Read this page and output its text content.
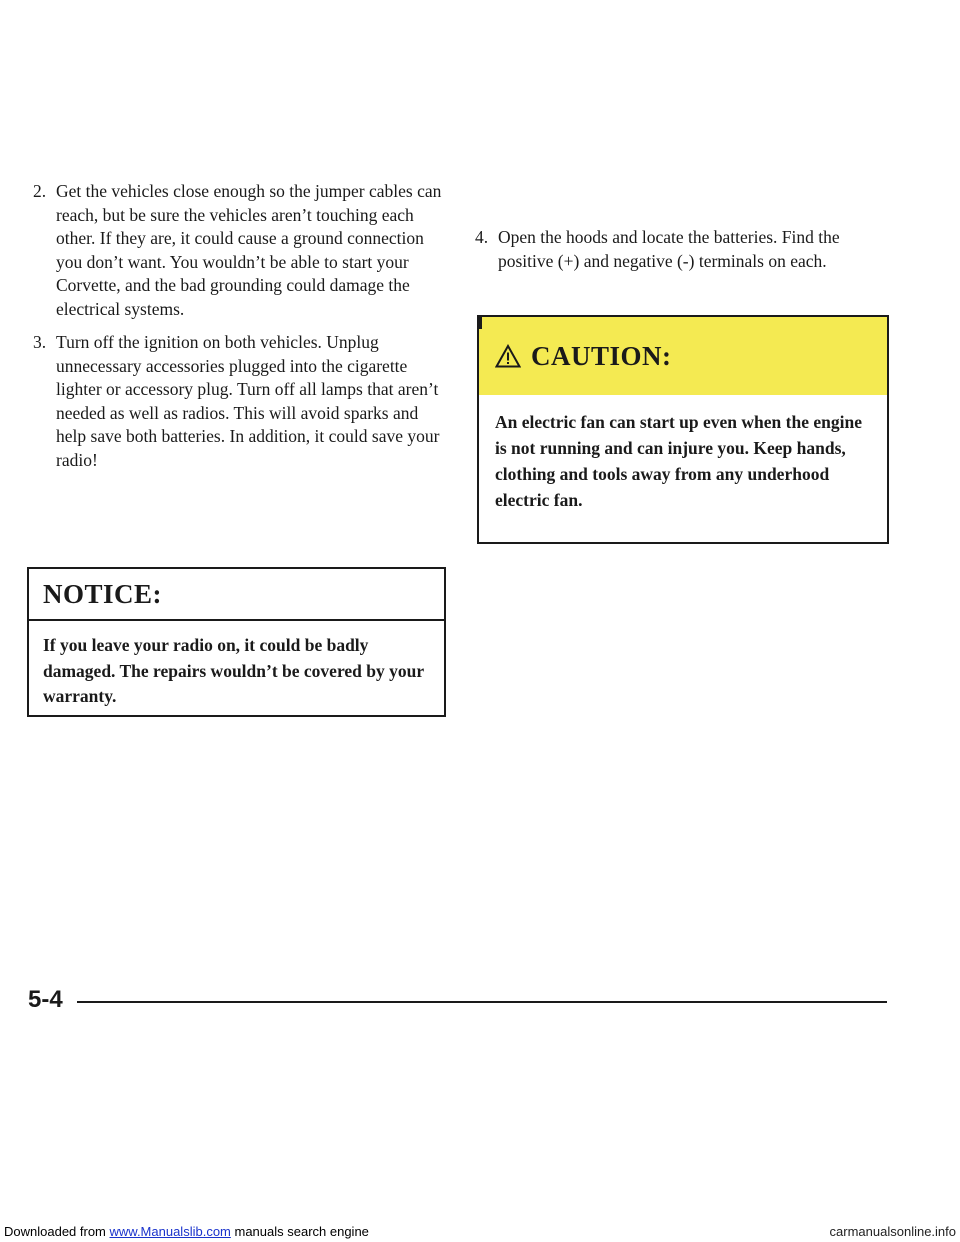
2. Get the vehicles close enough so the jumper cables can reach, but be sure the vehicles aren’t touching each other. If they are, it could cause a ground connection you don’t want. You wouldn’t be able to start your Corvette, and the bad grounding could damage the electrical systems.
3. Turn off the ignition on both vehicles. Unplug unnecessary accessories plugged into the cigarette lighter or accessory plug. Turn off all lamps that aren’t needed as well as radios. This will avoid sparks and help save both batteries. In addition, it could save your radio!
NOTICE:
If you leave your radio on, it could be badly damaged. The repairs wouldn’t be covered by your warranty.
4. Open the hoods and locate the batteries. Find the positive (+) and negative (-) terminals on each.
CAUTION:
An electric fan can start up even when the engine is not running and can injure you. Keep hands, clothing and tools away from any underhood electric fan.
5-4
Downloaded from www.Manualslib.com manuals search engine	carmanualsonline.info
